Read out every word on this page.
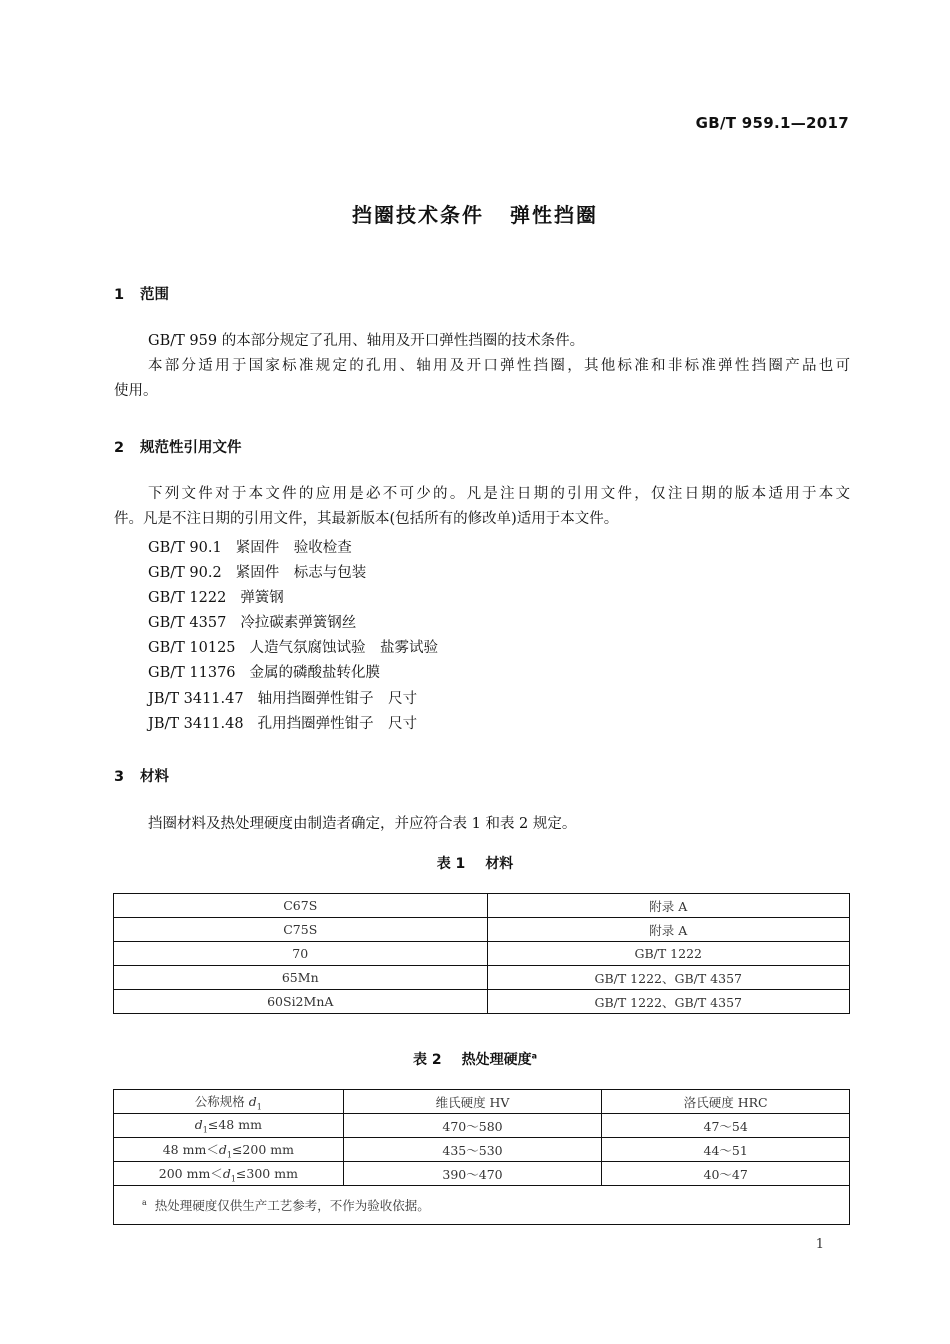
GB/T 959.1—2017
挡圈技术条件 弹性挡圈
1 范围
GB/T 959 的本部分规定了孔用、轴用及开口弹性挡圈的技术条件。
本部分适用于国家标准规定的孔用、轴用及开口弹性挡圈，其他标准和非标准弹性挡圈产品也可
使用。
2 规范性引用文件
下列文件对于本文件的应用是必不可少的。凡是注日期的引用文件，仅注日期的版本适用于本文
件。凡是不注日期的引用文件，其最新版本(包括所有的修改单)适用于本文件。
GB/T 90.1 紧固件　验收检查
GB/T 90.2 紧固件　标志与包装
GB/T 1222 弹簧钢
GB/T 4357 冷拉碳素弹簧钢丝
GB/T 10125 人造气氛腐蚀试验　盐雾试验
GB/T 11376 金属的磷酸盐转化膜
JB/T 3411.47 轴用挡圈弹性钳子　尺寸
JB/T 3411.48 孔用挡圈弹性钳子　尺寸
3 材料
挡圈材料及热处理硬度由制造者确定，并应符合表 1 和表 2 规定。
表 1 材料
C67S	附录 A
C75S	附录 A
70	GB/T 1222
65Mn	GB/T 1222、GB/T 4357
60Si2MnA	GB/T 1222、GB/T 4357
表 2 热处理硬度$^a$
公称规格 $d_1$	维氏硬度 HV	洛氏硬度 HRC
$d_1\le 48$ mm	470～580	47～54
48 $mm<d_1\le 200$ mm	435～530	44～51
200 $mm<d_1\le 300$ mm	390～470	40～47
$^a$ 热处理硬度仅供生产工艺参考，不作为验收依据。		
1
